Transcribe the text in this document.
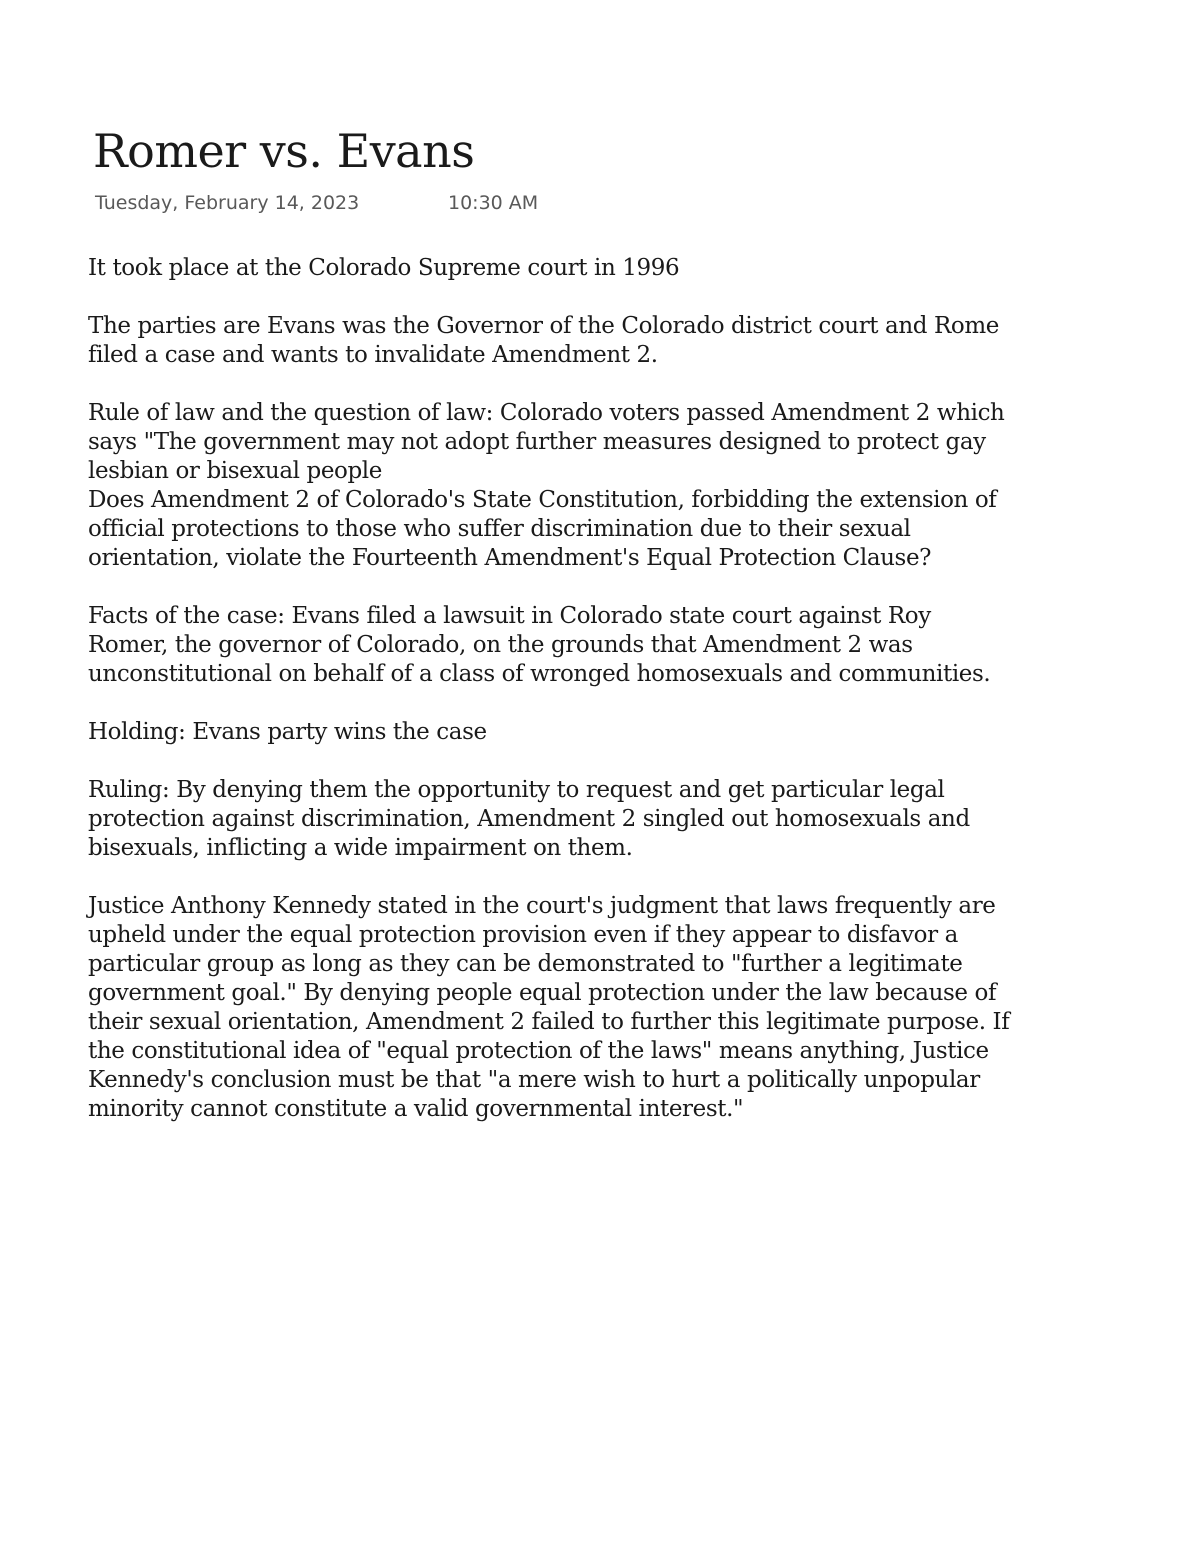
Romer vs. Evans
Tuesday, February 14, 2023	10:30 AM
It took place at the Colorado Supreme court in 1996
The parties are Evans was the Governor of the Colorado district court and Rome
filed a case and wants to invalidate Amendment 2.
Rule of law and the question of law: Colorado voters passed Amendment 2 which
says "The government may not adopt further measures designed to protect gay
lesbian or bisexual people
Does Amendment 2 of Colorado's State Constitution, forbidding the extension of
official protections to those who suffer discrimination due to their sexual
orientation, violate the Fourteenth Amendment's Equal Protection Clause?
Facts of the case: Evans filed a lawsuit in Colorado state court against Roy
Romer, the governor of Colorado, on the grounds that Amendment 2 was
unconstitutional on behalf of a class of wronged homosexuals and communities.
Holding: Evans party wins the case
Ruling: By denying them the opportunity to request and get particular legal
protection against discrimination, Amendment 2 singled out homosexuals and
bisexuals, inflicting a wide impairment on them.
Justice Anthony Kennedy stated in the court's judgment that laws frequently are
upheld under the equal protection provision even if they appear to disfavor a
particular group as long as they can be demonstrated to "further a legitimate
government goal." By denying people equal protection under the law because of
their sexual orientation, Amendment 2 failed to further this legitimate purpose. If
the constitutional idea of "equal protection of the laws" means anything, Justice
Kennedy's conclusion must be that "a mere wish to hurt a politically unpopular
minority cannot constitute a valid governmental interest."
